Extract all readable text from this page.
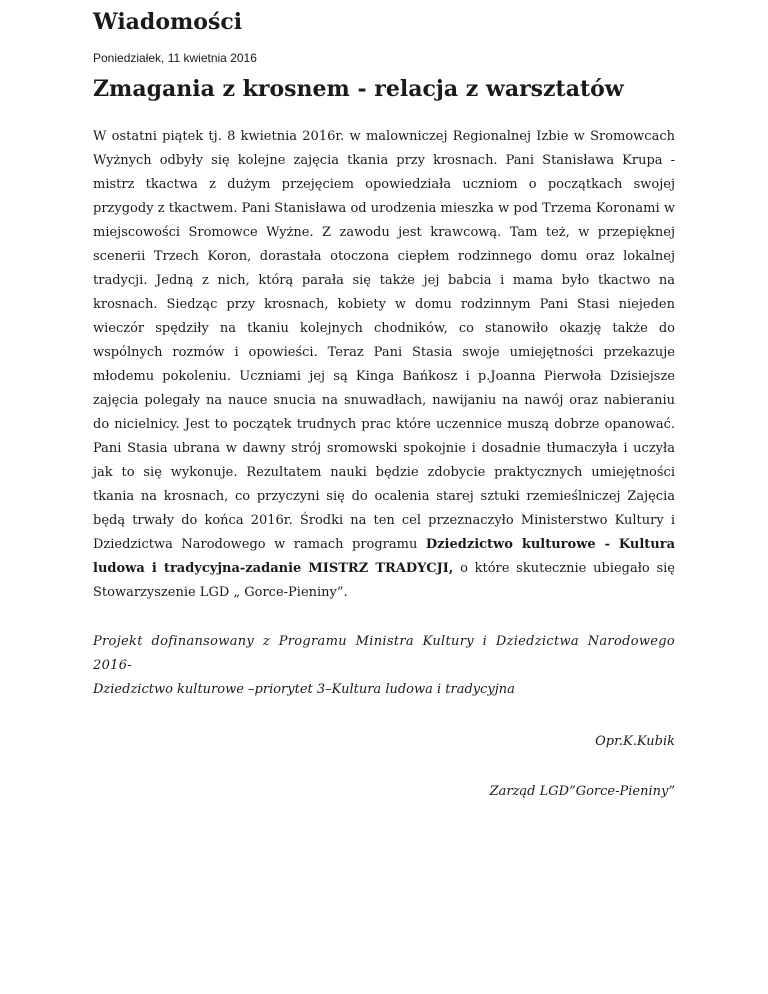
Wiadomości
Poniedziałek, 11 kwietnia 2016
Zmagania z krosnem - relacja z warsztatów

W ostatni piątek tj. 8 kwietnia 2016r. w malowniczej Regionalnej Izbie w Sromowcach Wyżnych odbyły się kolejne zajęcia tkania przy krosnach. Pani Stanisława Krupa - mistrz tkactwa z dużym przejęciem opowiedziała uczniom o początkach swojej przygody z tkactwem. Pani Stanisława od urodzenia mieszka w pod Trzema Koronami w miejscowości Sromowce Wyżne. Z zawodu jest krawcową. Tam też, w przepięknej scenerii Trzech Koron, dorastała otoczona ciepłem rodzinnego domu oraz lokalnej tradycji. Jedną z nich, którą parała się także jej babcia i mama było tkactwo na krosnach. Siedząc przy krosnach, kobiety w domu rodzinnym Pani Stasi niejeden wieczór spędziły na tkaniu kolejnych chodników, co stanowiło okazję także do wspólnych rozmów i opowieści. Teraz Pani Stasia swoje umiejętności przekazuje młodemu pokoleniu. Uczniami jej są Kinga Bańkosz i p.Joanna Pierwoła Dzisiejsze zajęcia polegały na nauce snucia na snuwadłach, nawijaniu na nawój oraz nabieraniu do nicielnicy. Jest to początek trudnych prac które uczennice muszą dobrze opanować. Pani Stasia ubrana w dawny strój sromowski spokojnie i dosadnie tłumaczyła i uczyła jak to się wykonuje. Rezultatem nauki będzie zdobycie praktycznych umiejętności tkania na krosnach, co przyczyni się do ocalenia starej sztuki rzemieślniczej Zajęcia będą trwały do końca 2016r. Środki na ten cel przeznaczyło Ministerstwo Kultury i Dziedzictwa Narodowego w ramach programu Dziedzictwo kulturowe - Kultura ludowa i tradycyjna-zadanie MISTRZ TRADYCJI, o które skutecznie ubiegało się Stowarzyszenie LGD „ Gorce-Pieniny”.

Projekt dofinansowany z Programu Ministra Kultury i Dziedzictwa Narodowego 2016-
Dziedzictwo kulturowe –priorytet 3–Kultura ludowa i tradycyjna

Opr.K.Kubik

Zarząd LGD”Gorce-Pieniny”
